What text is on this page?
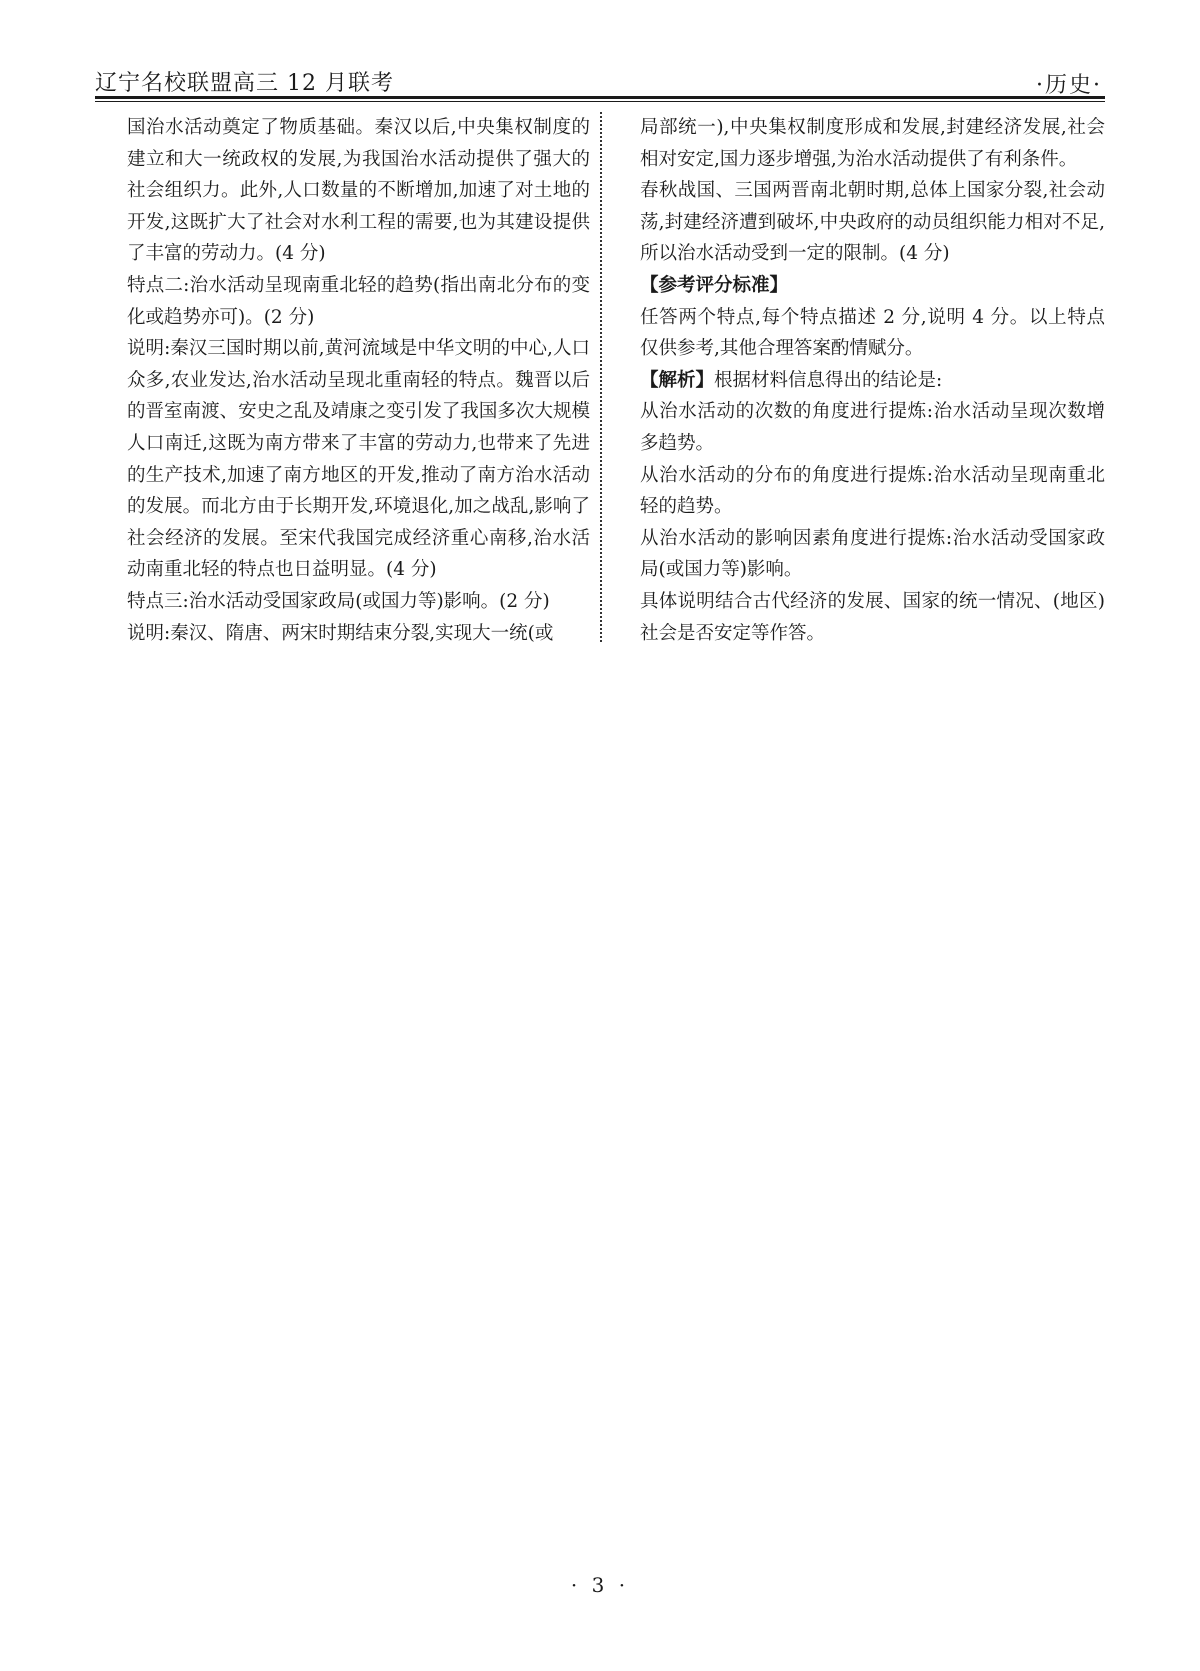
辽宁名校联盟高三 12 月联考	·历史·

国治水活动奠定了物质基础。秦汉以后,中央集权制度的建立和大一统政权的发展,为我国治水活动提供了强大的社会组织力。此外,人口数量的不断增加,加速了对土地的开发,这既扩大了社会对水利工程的需要,也为其建设提供了丰富的劳动力。(4 分)

特点二:治水活动呈现南重北轻的趋势(指出南北分布的变化或趋势亦可)。(2 分)

说明:秦汉三国时期以前,黄河流域是中华文明的中心,人口众多,农业发达,治水活动呈现北重南轻的特点。魏晋以后的晋室南渡、安史之乱及靖康之变引发了我国多次大规模人口南迁,这既为南方带来了丰富的劳动力,也带来了先进的生产技术,加速了南方地区的开发,推动了南方治水活动的发展。而北方由于长期开发,环境退化,加之战乱,影响了社会经济的发展。至宋代我国完成经济重心南移,治水活动南重北轻的特点也日益明显。(4 分)

特点三:治水活动受国家政局(或国力等)影响。(2 分)

说明:秦汉、隋唐、两宋时期结束分裂,实现大一统(或

局部统一),中央集权制度形成和发展,封建经济发展,社会相对安定,国力逐步增强,为治水活动提供了有利条件。

春秋战国、三国两晋南北朝时期,总体上国家分裂,社会动荡,封建经济遭到破坏,中央政府的动员组织能力相对不足,所以治水活动受到一定的限制。(4 分)

【参考评分标准】

任答两个特点,每个特点描述 2 分,说明 4 分。以上特点仅供参考,其他合理答案酌情赋分。

【解析】根据材料信息得出的结论是:

从治水活动的次数的角度进行提炼:治水活动呈现次数增多趋势。

从治水活动的分布的角度进行提炼:治水活动呈现南重北轻的趋势。

从治水活动的影响因素角度进行提炼:治水活动受国家政局(或国力等)影响。

具体说明结合古代经济的发展、国家的统一情况、(地区)社会是否安定等作答。

· 3 ·
